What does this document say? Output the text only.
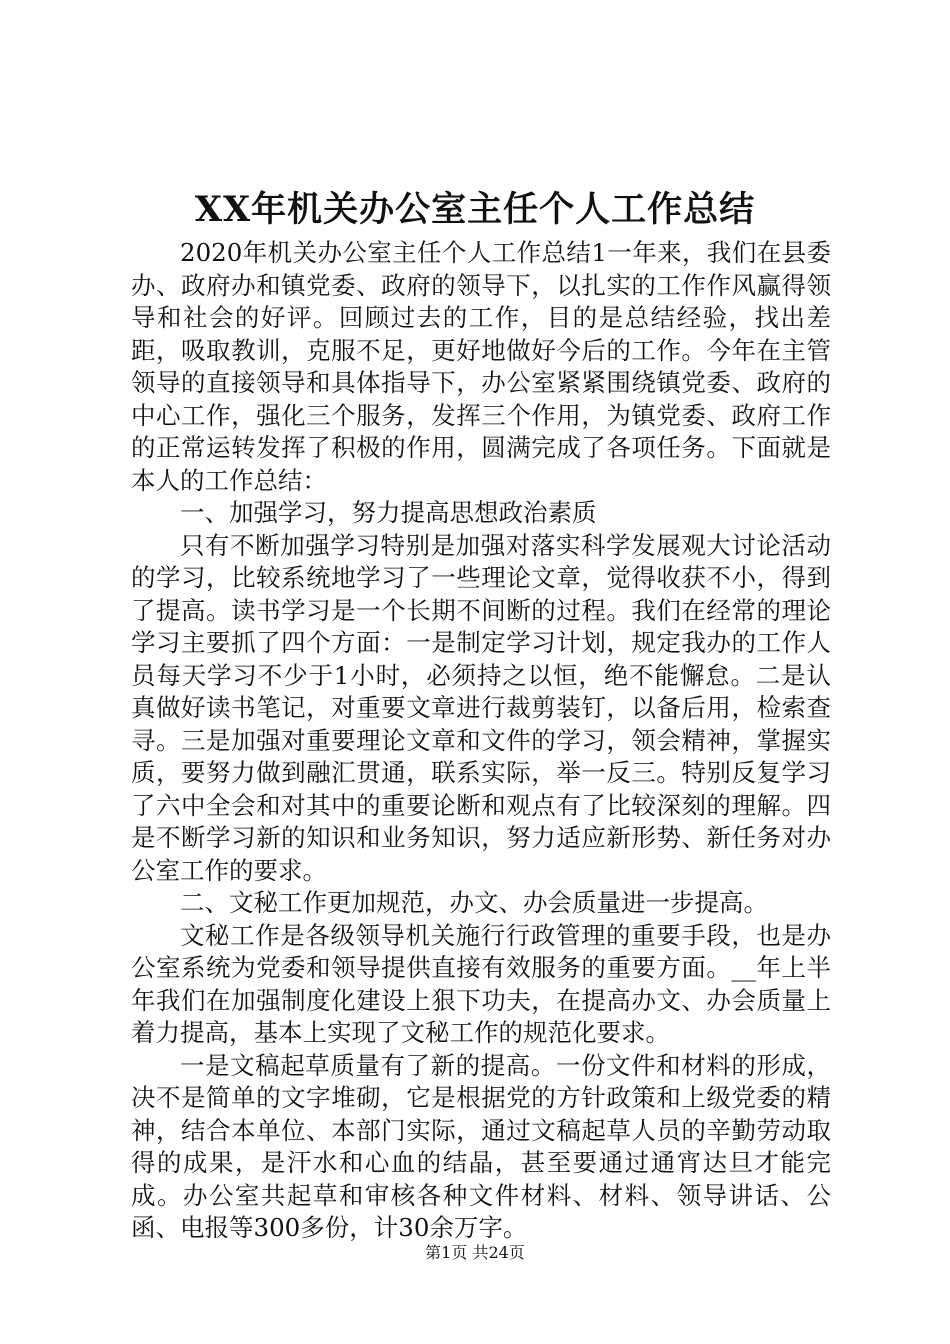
XX年机关办公室主任个人工作总结

2020年机关办公室主任个人工作总结1一年来，我们在县委办、政府办和镇党委、政府的领导下，以扎实的工作作风赢得领导和社会的好评。回顾过去的工作，目的是总结经验，找出差距，吸取教训，克服不足，更好地做好今后的工作。今年在主管领导的直接领导和具体指导下，办公室紧紧围绕镇党委、政府的中心工作，强化三个服务，发挥三个作用，为镇党委、政府工作的正常运转发挥了积极的作用，圆满完成了各项任务。下面就是本人的工作总结：

一、加强学习，努力提高思想政治素质

只有不断加强学习特别是加强对落实科学发展观大讨论活动的学习，比较系统地学习了一些理论文章，觉得收获不小，得到了提高。读书学习是一个长期不间断的过程。我们在经常的理论学习主要抓了四个方面：一是制定学习计划，规定我办的工作人员每天学习不少于1小时，必须持之以恒，绝不能懈怠。二是认真做好读书笔记，对重要文章进行裁剪装钉，以备后用，检索查寻。三是加强对重要理论文章和文件的学习，领会精神，掌握实质，要努力做到融汇贯通，联系实际，举一反三。特别反复学习了六中全会和对其中的重要论断和观点有了比较深刻的理解。四是不断学习新的知识和业务知识，努力适应新形势、新任务对办公室工作的要求。

二、文秘工作更加规范，办文、办会质量进一步提高。

文秘工作是各级领导机关施行行政管理的重要手段，也是办公室系统为党委和领导提供直接有效服务的重要方面。__年上半年我们在加强制度化建设上狠下功夫，在提高办文、办会质量上着力提高，基本上实现了文秘工作的规范化要求。

一是文稿起草质量有了新的提高。一份文件和材料的形成，决不是简单的文字堆砌，它是根据党的方针政策和上级党委的精神，结合本单位、本部门实际，通过文稿起草人员的辛勤劳动取得的成果，是汗水和心血的结晶，甚至要通过通宵达旦才能完成。办公室共起草和审核各种文件材料、材料、领导讲话、公函、电报等300多份，计30余万字。

第1页 共24页
